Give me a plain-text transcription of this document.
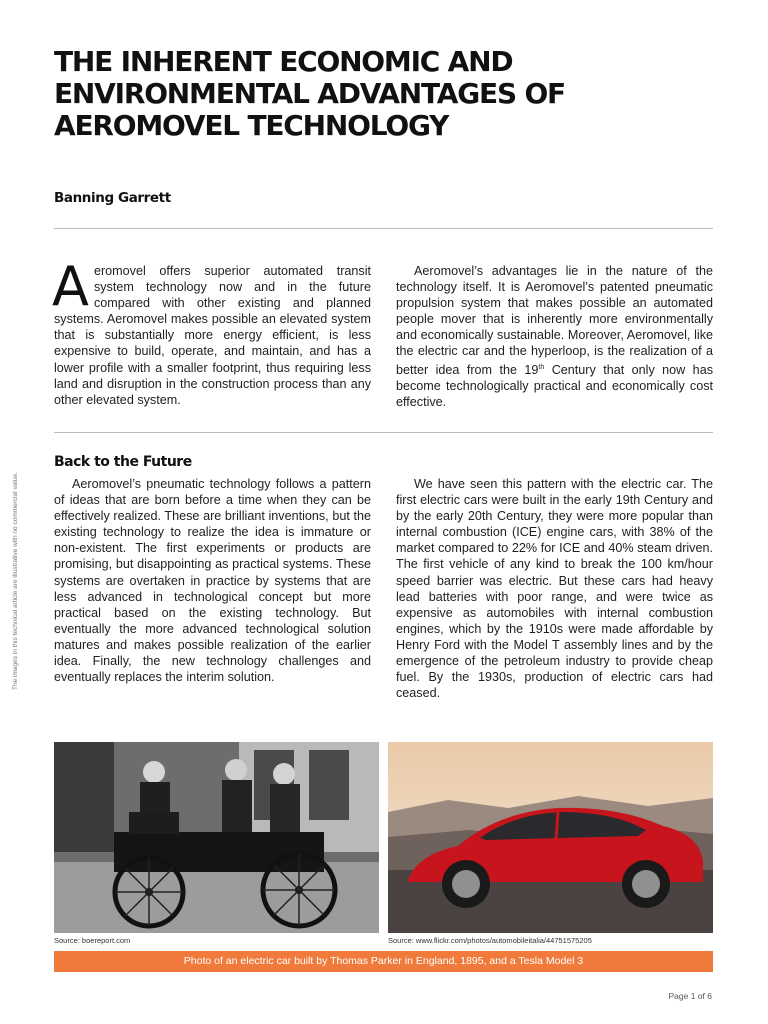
THE INHERENT ECONOMIC AND ENVIRONMENTAL ADVANTAGES OF AEROMOVEL TECHNOLOGY
Banning Garrett
The images in this technical article are illustrative with no commercial value.

Aeromovel offers superior automated transit system technology now and in the future compared with other existing and planned systems. Aeromovel makes possible an elevated system that is substantially more energy efficient, is less expensive to build, operate, and maintain, and has a lower profile with a smaller footprint, thus requiring less land and disruption in the construction process than any other elevated system.

Aeromovel’s advantages lie in the nature of the technology itself. It is Aeromovel’s patented pneumatic propulsion system that makes possible an automated people mover that is inherently more environmentally and economically sustainable. Moreover, Aeromovel, like the electric car and the hyperloop, is the realization of a better idea from the 19th Century that only now has become technologically practical and economically cost effective.

Back to the Future

Aeromovel’s pneumatic technology follows a pattern of ideas that are born before a time when they can be effectively realized. These are brilliant inventions, but the existing technology to realize the idea is immature or non-existent. The first experiments or products are promising, but disappointing as practical systems. These systems are overtaken in practice by systems that are less advanced in technological concept but more practical based on the existing technology. But eventually the more advanced technological solution matures and makes possible realization of the earlier idea. Finally, the new technology challenges and eventually replaces the interim solution.

We have seen this pattern with the electric car. The first electric cars were built in the early 19th Century and by the early 20th Century, they were more popular than internal combustion (ICE) engine cars, with 38% of the market compared to 22% for ICE and 40% steam driven. The first vehicle of any kind to break the 100 km/hour speed barrier was electric. But these cars had heavy lead batteries with poor range, and were twice as expensive as automobiles with internal combustion engines, which by the 1910s were made affordable by Henry Ford with the Model T assembly lines and by the emergence of the petroleum industry to provide cheap fuel. By the 1930s, production of electric cars had ceased.

Source: boereport.com	Source: www.flickr.com/photos/automobileitalia/44751575205
Photo of an electric car built by Thomas Parker in England, 1895, and a Tesla Model 3
Page 1 of 6
